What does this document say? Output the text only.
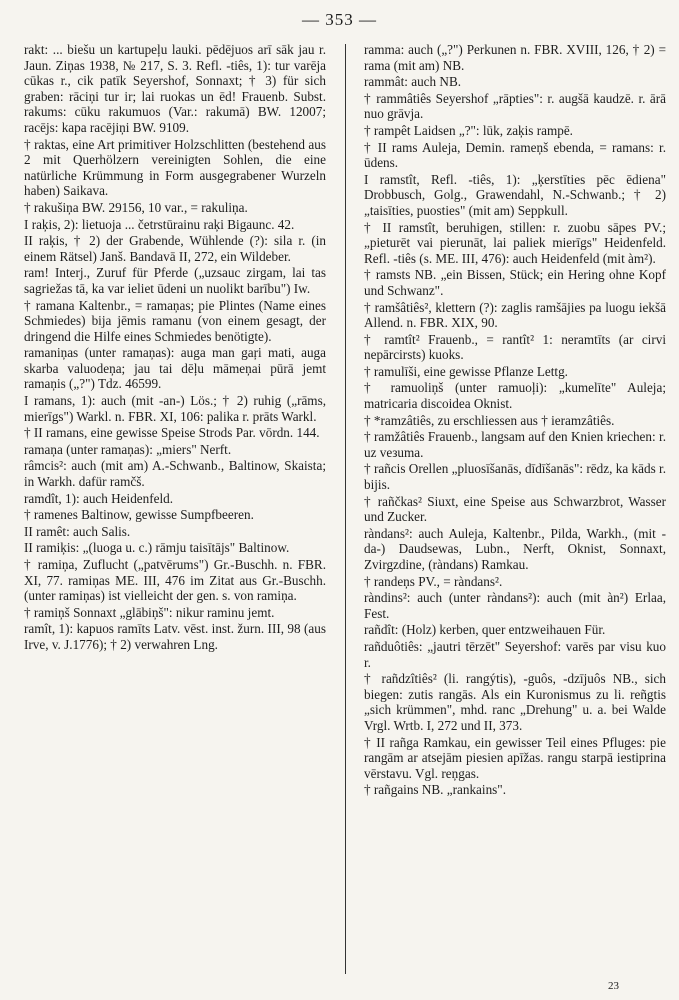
— 353 —

rakt: ... biešu un kartupeļu lauki. pēdējuos arī sāk jau r. Jaun. Ziņas 1938, № 217, S. 3. Refl. -tiês, 1): tur varēja cūkas r., cik patīk Seyershof, Sonnaxt; † 3) für sich graben: rāciņi tur ir; lai ruokas un ēd! Frauenb. Subst. rakums: cūku rakumuos (Var.: rakumā) BW. 12007; racējs: kapa racējiņi BW. 9109.

† raktas, eine Art primitiver Holzschlitten (bestehend aus 2 mit Querhölzern vereinigten Sohlen, die eine natürliche Krümmung in Form ausgegrabener Wurzeln haben) Saikava.

† rakušiņa BW. 29156, 10 var., = rakuliņa.

I raķis, 2): lietuoja ... četrstūrainu raķi Bigaunc. 42.

II raķis, † 2) der Grabende, Wühlende (?): sila r. (in einem Rätsel) Janš. Bandavā II, 272, ein Wildeber.

ram! Interj., Zuruf für Pferde („uzsauc zirgam, lai tas sagriežas tā, ka var ieliet ūdeni un nuolikt barību") Iw.

† ramana Kaltenbr., = ramaņas; pie Plintes (Name eines Schmiedes) bija jēmis ramanu (von einem gesagt, der dringend die Hilfe eines Schmiedes benötigte).

ramaniņas (unter ramaņas): auga man gaŗi mati, auga skarba valuodeņa; jau tai dēļu māmeņai pūrā jemt ramaņis („?") Tdz. 46599.

I ramans, 1): auch (mit -an-) Lös.; † 2) ruhig („rāms, mierīgs") Warkl. n. FBR. XI, 106: palika r. prāts Warkl.

† II ramans, eine gewisse Speise Strods Par. vōrdn. 144.

ramaņa (unter ramaņas): „miers" Nerft.

râmcis²: auch (mit am) A.-Schwanb., Baltinow, Skaista; in Warkh. dafür ramčš.

ramdît, 1): auch Heidenfeld.

† ramenes Baltinow, gewisse Sumpfbeeren.

II ramêt: auch Salis.

II ramiķis: „(luoga u. c.) rāmju taisītājs" Baltinow.

† ramiņa, Zuflucht („patvērums") Gr.-Buschh. n. FBR. XI, 77. ramiņas ME. III, 476 im Zitat aus Gr.-Buschh. (unter ramiņas) ist vielleicht der gen. s. von ramiņa.

† ramiņš Sonnaxt „glābiņš": nikur raminu jemt.

ramît, 1): kapuos ramīts Latv. vēst. inst. žurn. III, 98 (aus Irve, v. J.1776); † 2) verwahren Lng.

ramma: auch („?") Perkunen n. FBR. XVIII, 126, † 2) = rama (mit am) NB.

rammât: auch NB.

† rammâtiês Seyershof „rāpties": r. augšā kaudzē. r. ārā nuo grāvja.

† rampêt Laidsen „?": lūk, zaķis rampē.

† II rams Auleja, Demin. rameņš ebenda, = ramans: r. ūdens.

I ramstît, Refl. -tiês, 1): „ķerstīties pēc ēdiena" Drobbusch, Golg., Grawendahl, N.-Schwanb.; † 2) „taisīties, puosties" (mit am) Seppkull.

† II ramstît, beruhigen, stillen: r. zuobu sāpes PV.; „pieturēt vai pierunāt, lai paliek mierīgs" Heidenfeld. Refl. -tiês (s. ME. III, 476): auch Heidenfeld (mit àm²).

† ramsts NB. „ein Bissen, Stück; ein Hering ohne Kopf und Schwanz".

† ramšâtiês², klettern (?): zaglis ramšājies pa luogu iekšā Allend. n. FBR. XIX, 90.

† ramtît² Frauenb., = rantît² 1: neramtīts (ar cirvi nepārcirsts) kuoks.

† ramulīši, eine gewisse Pflanze Lettg.

† ramuoliņš (unter ramuoļi): „kumelīte" Auleja; matricaria discoidea Oknist.

† *ramzâtiês, zu erschliessen aus † ieramzâtiês.

† ramžâtiês Frauenb., langsam auf den Knien kriechen: r. uz veзuma.

† rañcis Orellen „pluosīšanās, dīdīšanās": rēdz, ka kāds r. bijis.

† rañčkas² Siuxt, eine Speise aus Schwarzbrot, Wasser und Zucker.

ràndans²: auch Auleja, Kaltenbr., Pilda, Warkh., (mit -da-) Daudsewas, Lubn., Nerft, Oknist, Sonnaxt, Zvirgzdine, (ràndans) Ramkau.

† randeņs PV., = ràndans².

ràndins²: auch (unter ràndans²): auch (mit àn²) Erlaa, Fest.

rañdît: (Holz) kerben, quer entzweihauen Für.

rañduôtiês: „jautri tērzēt" Seyershof: varēs par visu kuo r.

† rañdzîtiês² (li. rangýtis), -guôs, -dzījuôs NB., sich biegen: zutis rangās. Als ein Kuronismus zu li. reñgtis „sich krümmen", mhd. ranc „Drehung" u. a. bei Walde Vrgl. Wrtb. I, 272 und II, 373.

† II rañga Ramkau, ein gewisser Teil eines Pfluges: pie rangām ar atsejām piesien apīžas. rangu starpā iestiprina vērstavu. Vgl. reņgas.

† rañgains NB. „rankains".

23
